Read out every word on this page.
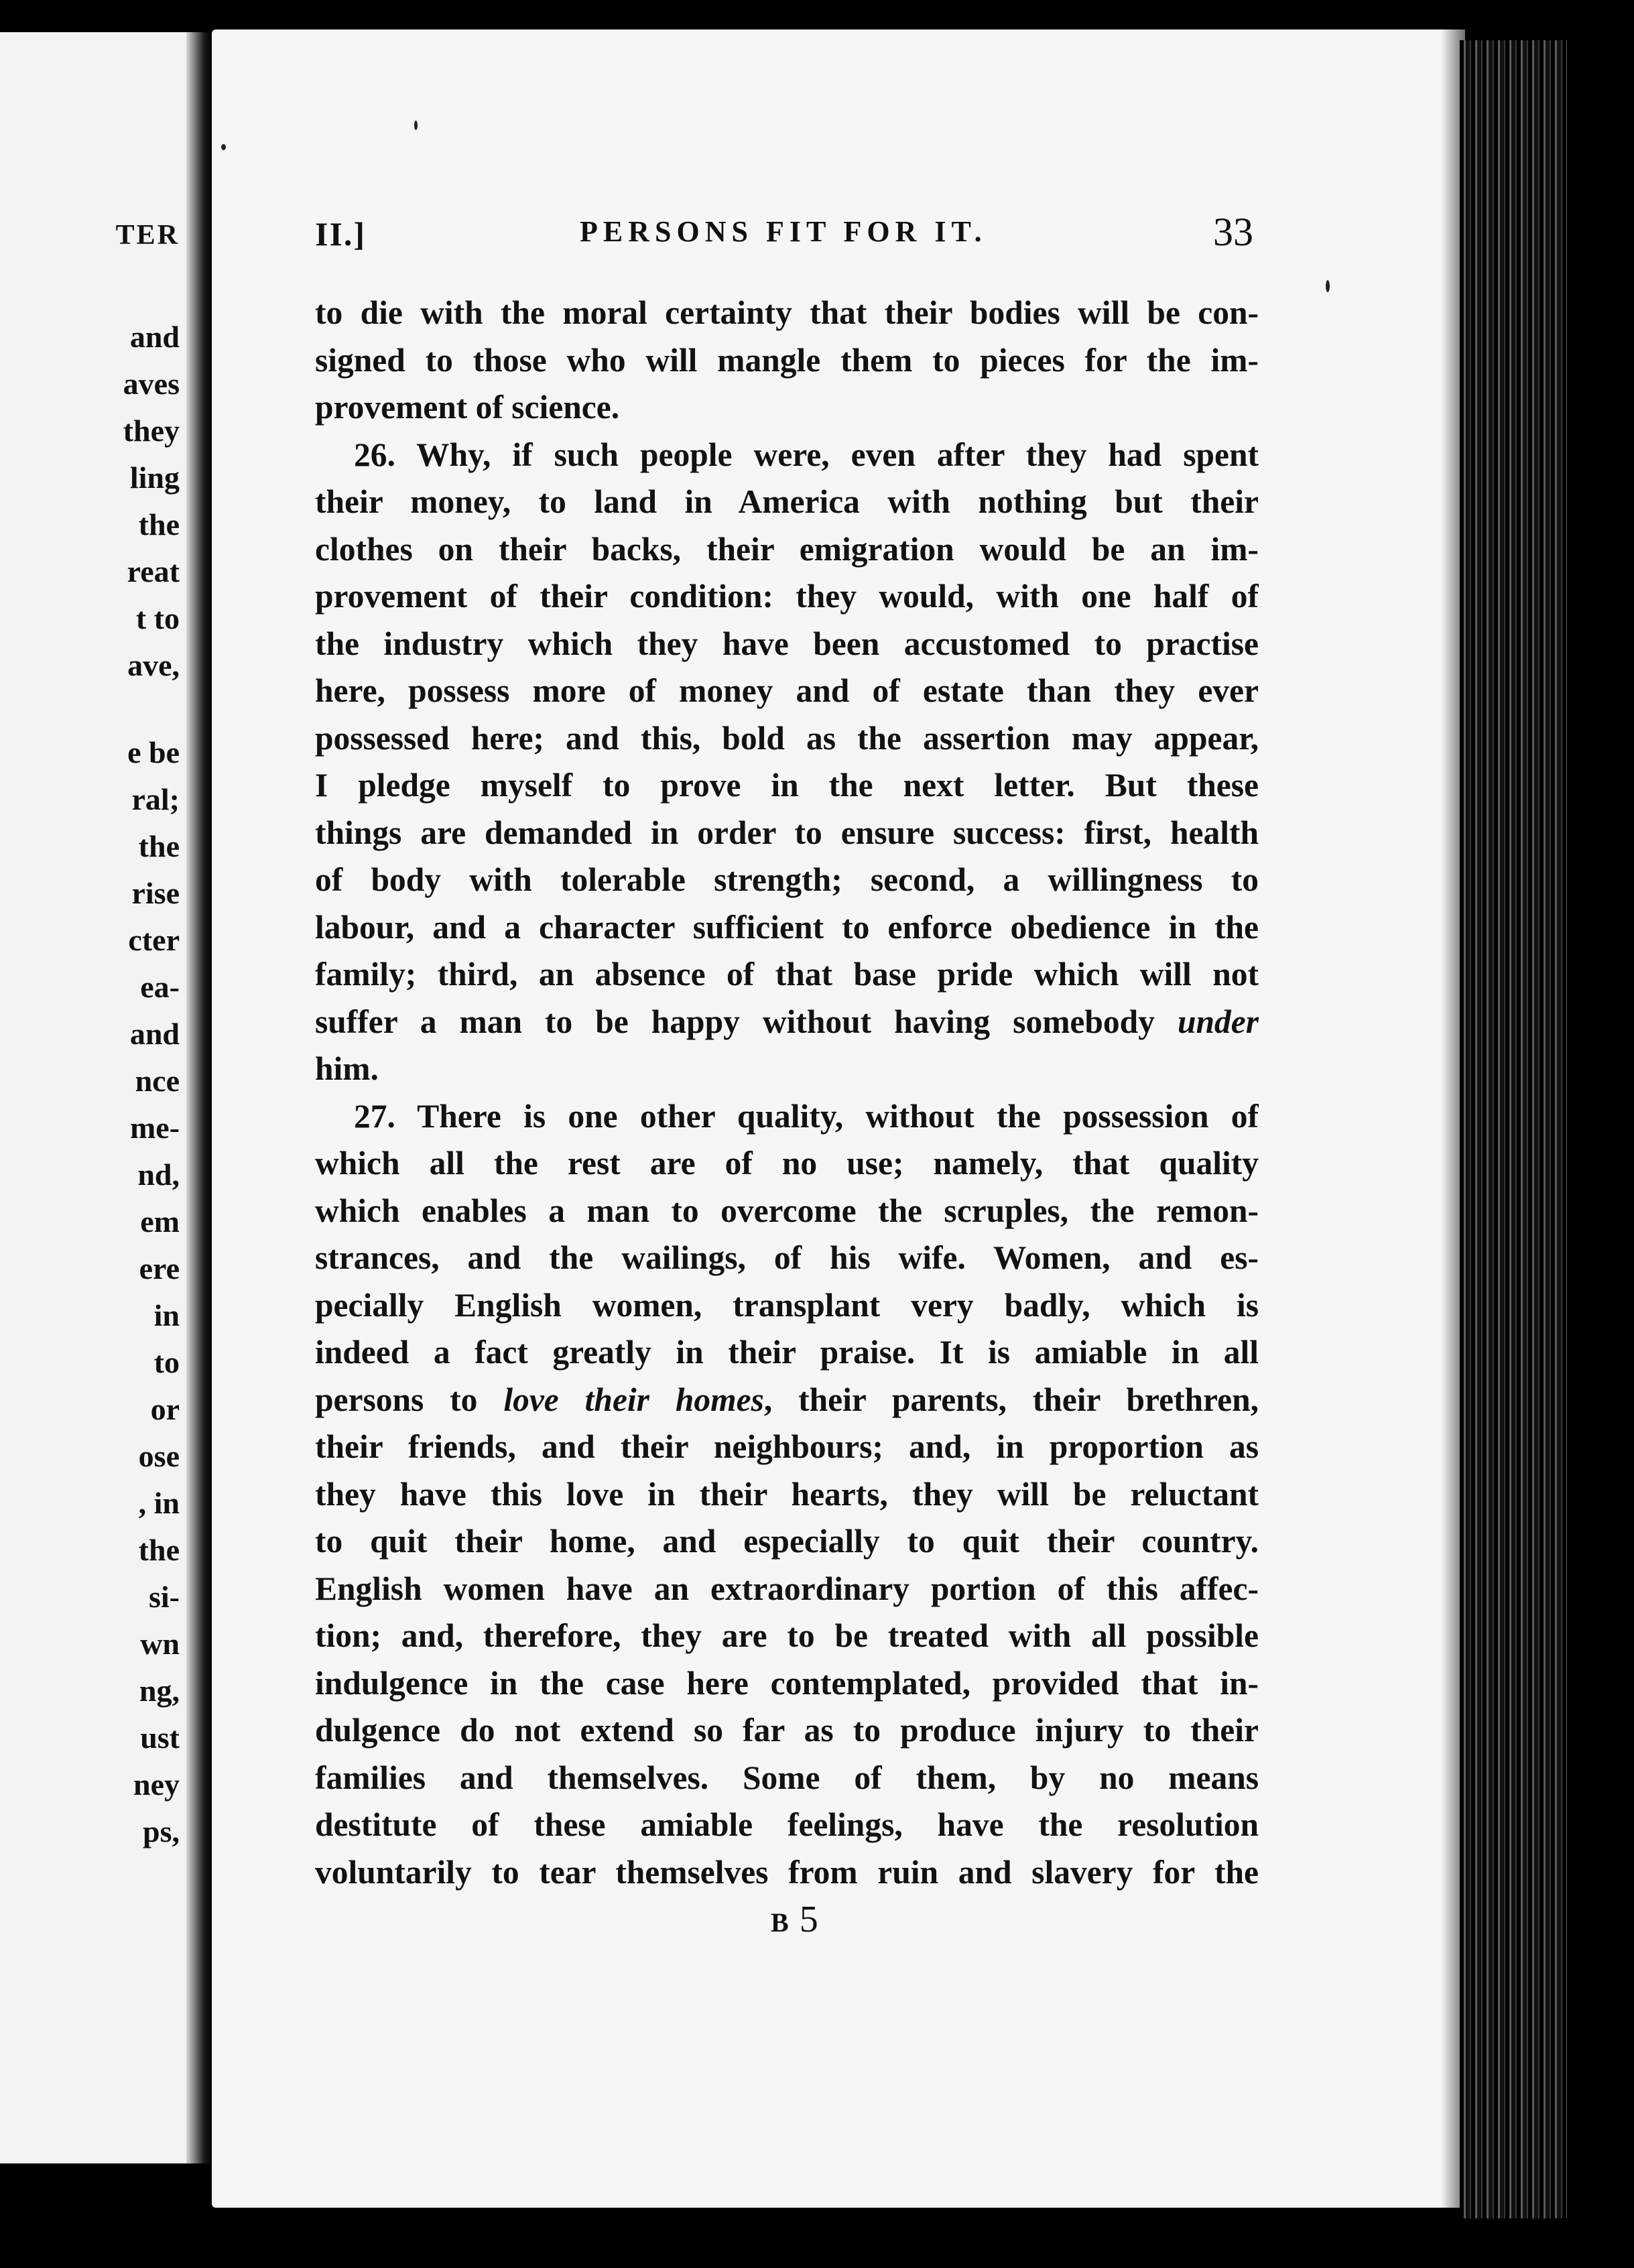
TER
and
aves
they
ling
the
reat
t to
ave,
e be
ral;
the
rise
cter
ea-
and
nce
me-
nd,
em
ere
in
to
or
ose
, in
the
si-
wn
ng,
ust
ney
ps,
II.]	PERSONS FIT FOR IT.	33
to die with the moral certainty that their bodies will be con-
signed to those who will mangle them to pieces for the im-
provement of science.
26. Why, if such people were, even after they had spent
their money, to land in America with nothing but their
clothes on their backs, their emigration would be an im-
provement of their condition: they would, with one half of
the industry which they have been accustomed to practise
here, possess more of money and of estate than they ever
possessed here; and this, bold as the assertion may appear,
I pledge myself to prove in the next letter. But these
things are demanded in order to ensure success: first, health
of body with tolerable strength; second, a willingness to
labour, and a character sufficient to enforce obedience in the
family; third, an absence of that base pride which will not
suffer a man to be happy without having somebody under
him.
27. There is one other quality, without the possession of
which all the rest are of no use; namely, that quality
which enables a man to overcome the scruples, the remon-
strances, and the wailings, of his wife. Women, and es-
pecially English women, transplant very badly, which is
indeed a fact greatly in their praise. It is amiable in all
persons to love their homes, their parents, their brethren,
their friends, and their neighbours; and, in proportion as
they have this love in their hearts, they will be reluctant
to quit their home, and especially to quit their country.
English women have an extraordinary portion of this affec-
tion; and, therefore, they are to be treated with all possible
indulgence in the case here contemplated, provided that in-
dulgence do not extend so far as to produce injury to their
families and themselves. Some of them, by no means
destitute of these amiable feelings, have the resolution
voluntarily to tear themselves from ruin and slavery for the
B 5
